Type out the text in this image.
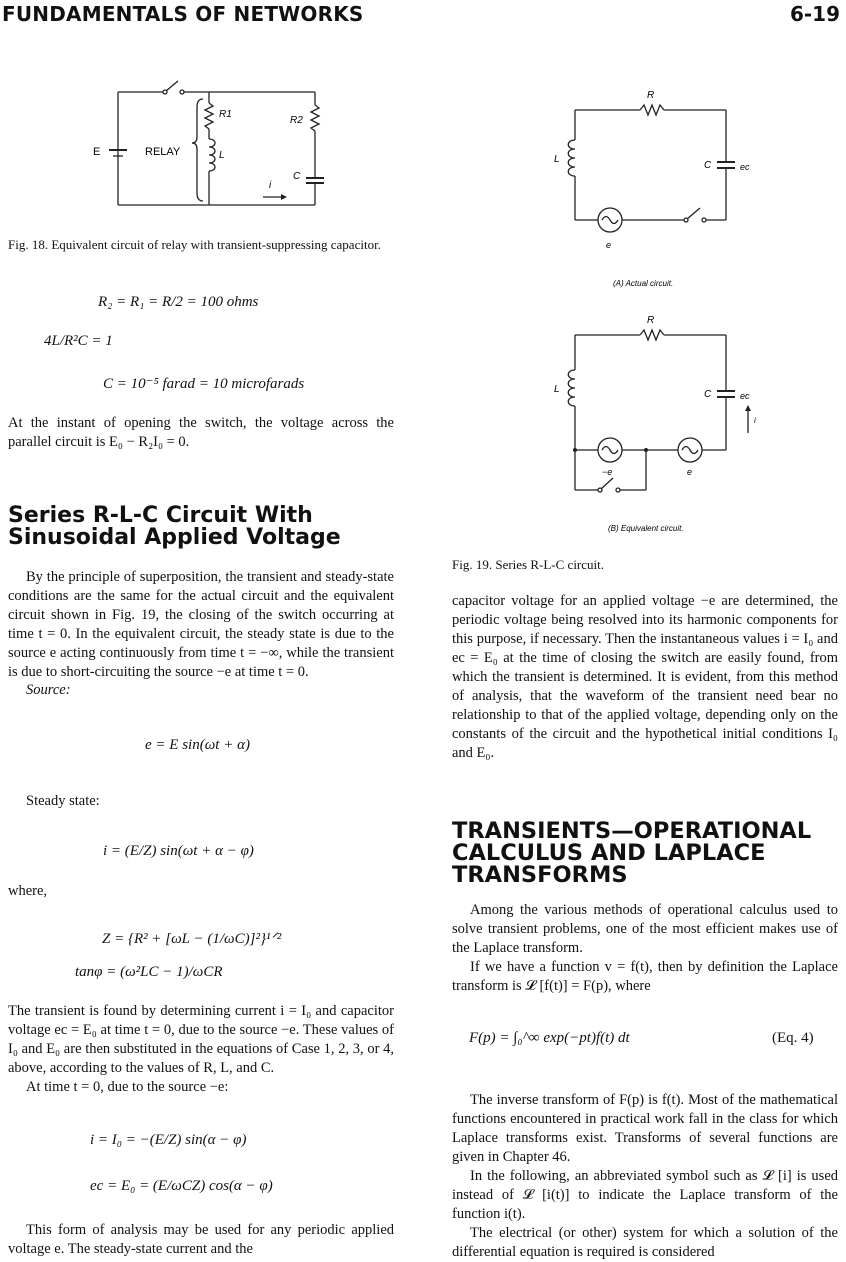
FUNDAMENTALS OF NETWORKS	6-19
E	RELAY
R1
R2
L
i
C
Fig. 18. Equivalent circuit of relay with transient-suppressing capacitor.
R₂ = R₁ = R/2 = 100 ohms
4L/R²C = 1
C = 10⁻⁵ farad = 10 microfarads
At the instant of opening the switch, the voltage across the parallel circuit is E₀ − R₂I₀ = 0.
Series R-L-C Circuit With Sinusoidal Applied Voltage
By the principle of superposition, the transient and steady-state conditions are the same for the actual circuit and the equivalent circuit shown in Fig. 19, the closing of the switch occurring at time t = 0. In the equivalent circuit, the steady state is due to the source e acting continuously from time t = −∞, while the transient is due to short-circuiting the source −e at time t = 0.
Source:
e = E sin(ωt + α)
Steady state:
i = (E/Z) sin(ωt + α − φ)
where,
Z = {R² + [ωL − (1/ωC)]²}¹ᐟ²
tanφ = (ω²LC − 1)/ωCR
The transient is found by determining current i = I₀ and capacitor voltage ec = E₀ at time t = 0, due to the source −e. These values of I₀ and E₀ are then substituted in the equations of Case 1, 2, 3, or 4, above, according to the values of R, L, and C.
At time t = 0, due to the source −e:
i = I₀ = −(E/Z) sin(α − φ)
ec = E₀ = (E/ωCZ) cos(α − φ)
This form of analysis may be used for any periodic applied voltage e. The steady-state current and the
R
L
C	ec
e
(A) Actual circuit.
R
L	C	ec
i
−e	e
(B) Equivalent circuit.
Fig. 19. Series R-L-C circuit.
capacitor voltage for an applied voltage −e are determined, the periodic voltage being resolved into its harmonic components for this purpose, if necessary. Then the instantaneous values i = I₀ and ec = E₀ at the time of closing the switch are easily found, from which the transient is determined. It is evident, from this method of analysis, that the waveform of the transient need bear no relationship to that of the applied voltage, depending only on the constants of the circuit and the hypothetical initial conditions I₀ and E₀.
TRANSIENTS—OPERATIONAL CALCULUS AND LAPLACE TRANSFORMS
Among the various methods of operational calculus used to solve transient problems, one of the most efficient makes use of the Laplace transform.
If we have a function v = f(t), then by definition the Laplace transform is 𝓛 [f(t)] = F(p), where
F(p) = ∫₀^∞ exp(−pt)f(t) dt	(Eq. 4)
The inverse transform of F(p) is f(t). Most of the mathematical functions encountered in practical work fall in the class for which Laplace transforms exist. Transforms of several functions are given in Chapter 46.
In the following, an abbreviated symbol such as 𝓛 [i] is used instead of 𝓛 [i(t)] to indicate the Laplace transform of the function i(t).
The electrical (or other) system for which a solution of the differential equation is required is considered
